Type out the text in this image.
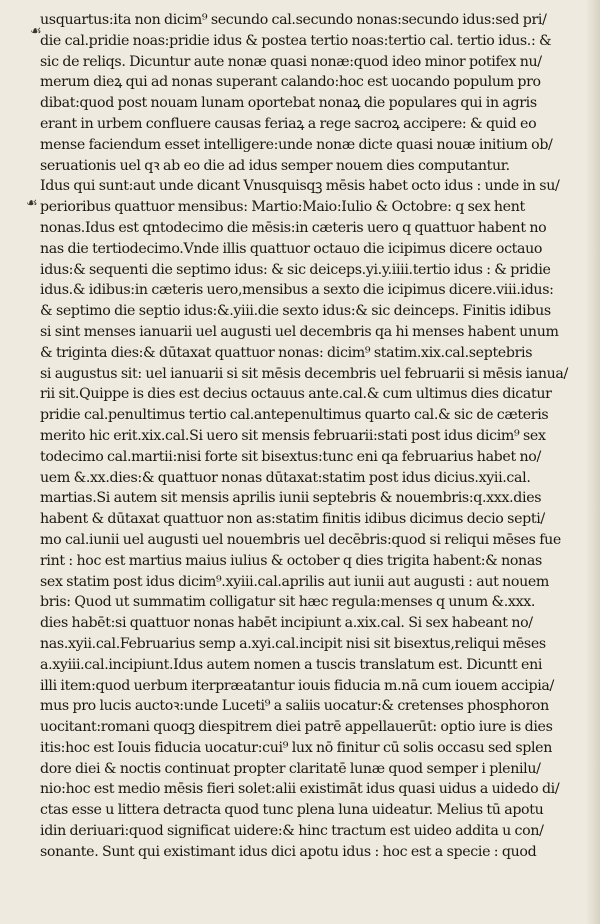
☙
☙
usquartus:ita non dicim⁹ secundo cal.secundo nonas:secundo idus:sed pri/
die cal.pridie noas:pridie idus & postea tertio noas:tertio cal. tertio idus.: &
sic de reliqs. Dicuntur aute nonæ quasi nonæ:quod ideo minor potifex nu/
merum dieꝝ qui ad nonas superant calando:hoc est uocando populum pro
dibat:quod post nouam lunam oportebat nonaꝝ die populares qui in agris
erant in urbem confluere causas feriaꝝ a rege sacroꝝ accipere: & quid eo
mense faciendum esset intelligere:unde nonæ dicte quasi nouæ initium ob/
seruationis uel qꝛ ab eo die ad idus semper nouem dies computantur.
Idus qui sunt:aut unde dicant Vnusquisqꝫ mēsis habet octo idus : unde in su/
perioribus quattuor mensibus: Martio:Maio:Iulio & Octobre: q sex hent
nonas.Idus est qntodecimo die mēsis:in cæteris uero q quattuor habent no
nas die tertiodecimo.Vnde illis quattuor octauo die icipimus dicere octauo
idus:& sequenti die septimo idus: & sic deiceps.yi.y.iiii.tertio idus : & pridie
idus.& idibus:in cæteris uero,mensibus a sexto die icipimus dicere.viii.idus:
& septimo die septio idus:&.yiii.die sexto idus:& sic deinceps. Finitis idibus
si sint menses ianuarii uel augusti uel decembris qa hi menses habent unum
& triginta dies:& dūtaxat quattuor nonas: dicim⁹ statim.xix.cal.septebris
si augustus sit: uel ianuarii si sit mēsis decembris uel februarii si mēsis ianua/
rii sit.Quippe is dies est decius octauus ante.cal.& cum ultimus dies dicatur
pridie cal.penultimus tertio cal.antepenultimus quarto cal.& sic de cæteris
merito hic erit.xix.cal.Si uero sit mensis februarii:stati post idus dicim⁹ sex
todecimo cal.martii:nisi forte sit bisextus:tunc eni qa februarius habet no/
uem &.xx.dies:& quattuor nonas dūtaxat:statim post idus dicius.xyii.cal.
martias.Si autem sit mensis aprilis iunii septebris & nouembris:q.xxx.dies
habent & dūtaxat quattuor non as:statim finitis idibus dicimus decio septi/
mo cal.iunii uel augusti uel nouembris uel decēbris:quod si reliqui mēses fue
rint : hoc est martius maius iulius & october q dies trigita habent:& nonas
sex statim post idus dicim⁹.xyiii.cal.aprilis aut iunii aut augusti : aut nouem
bris: Quod ut summatim colligatur sit hæc regula:menses q unum &.xxx.
dies habēt:si quattuor nonas habēt incipiunt a.xix.cal. Si sex habeant no/
nas.xyii.cal.Februarius semp a.xyi.cal.incipit nisi sit bisextus,reliqui mēses
a.xyiii.cal.incipiunt.Idus autem nomen a tuscis translatum est. Dicuntt eni
illi item:quod uerbum iterpræatantur iouis fiducia m.nā cum iouem accipia/
mus pro lucis auctoꝛ:unde Luceti⁹ a saliis uocatur:& cretenses phosphoron
uocitant:romani quoqꝫ diespitrem diei patrē appellauerūt: optio iure is dies
itis:hoc est Iouis fiducia uocatur:cui⁹ lux nō finitur cū solis occasu sed splen
dore diei & noctis continuat propter claritatē lunæ quod semper i plenilu/
nio:hoc est medio mēsis fieri solet:alii existimāt idus quasi uidus a uidedo di/
ctas esse u littera detracta quod tunc plena luna uideatur. Melius tū apotu
idin deriuari:quod significat uidere:& hinc tractum est uideo addita u con/
sonante. Sunt qui existimant idus dici apotu idus : hoc est a specie : quod
